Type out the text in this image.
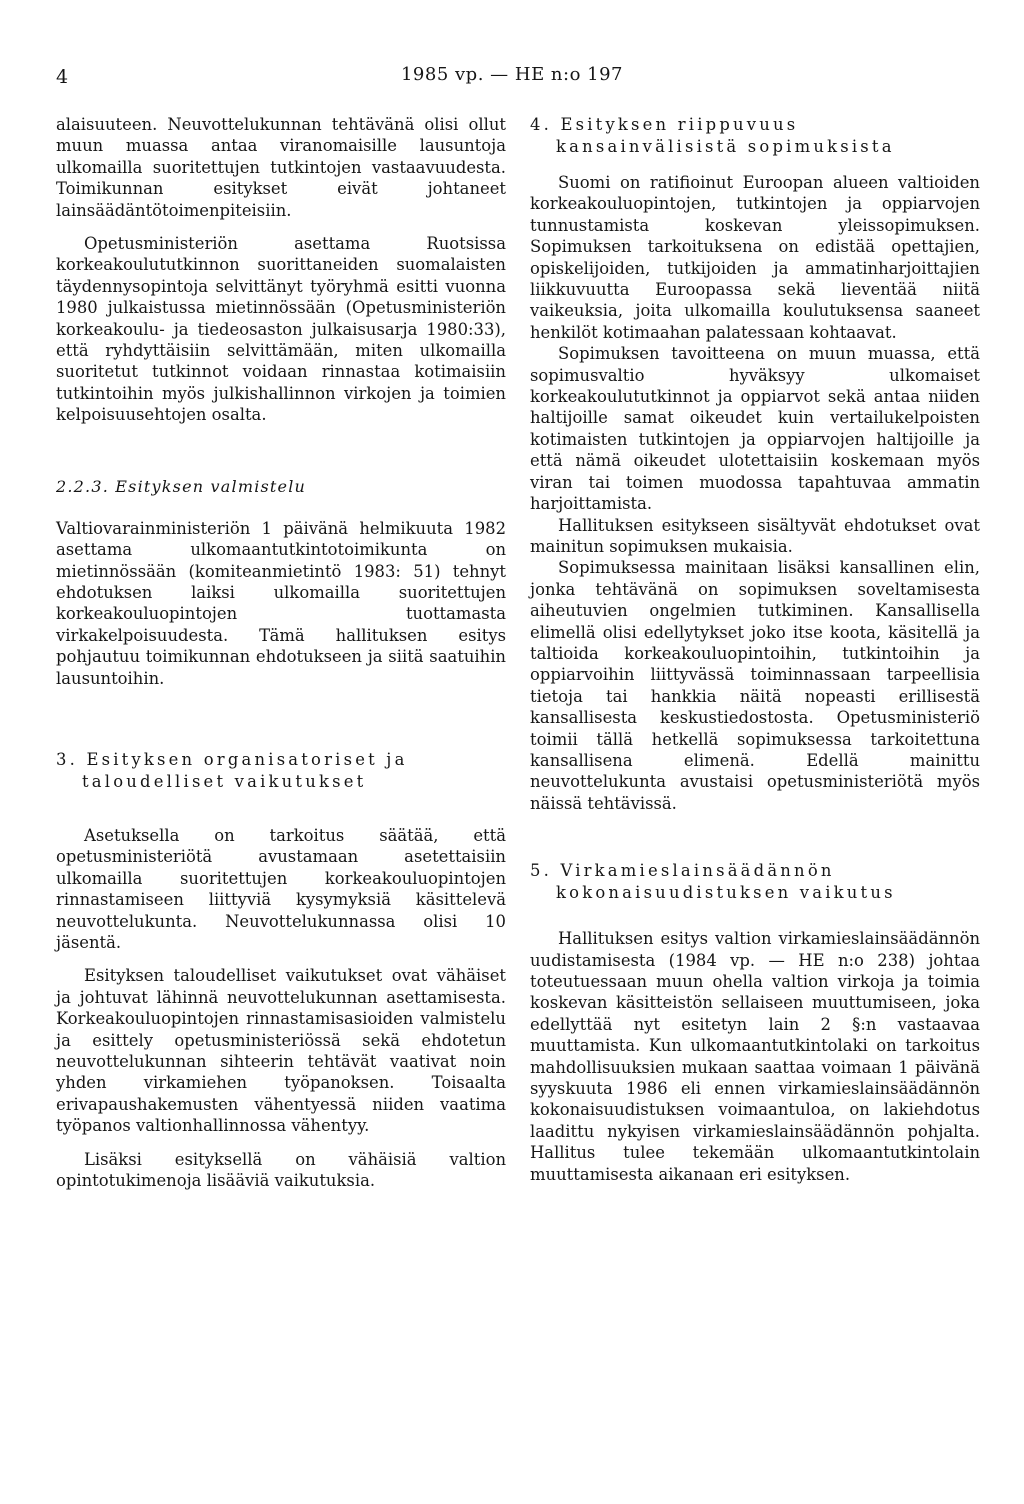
4	1985 vp. — HE n:o 197

alaisuuteen. Neuvottelukunnan tehtävänä olisi ollut muun muassa antaa viranomaisille lausuntoja ulkomailla suoritettujen tutkintojen vastaavuudesta. Toimikunnan esitykset eivät johtaneet lainsäädäntötoimenpiteisiin.

Opetusministeriön asettama Ruotsissa korkeakoulututkinnon suorittaneiden suomalaisten täydennysopintoja selvittänyt työryhmä esitti vuonna 1980 julkaistussa mietinnössään (Opetusministeriön korkeakoulu- ja tiedeosaston julkaisusarja 1980:33), että ryhdyttäisiin selvittämään, miten ulkomailla suoritetut tutkinnot voidaan rinnastaa kotimaisiin tutkintoihin myös julkishallinnon virkojen ja toimien kelpoisuusehtojen osalta.

2.2.3. Esityksen valmistelu

Valtiovarainministeriön 1 päivänä helmikuuta 1982 asettama ulkomaantutkintotoimikunta on mietinnössään (komiteanmietintö 1983: 51) tehnyt ehdotuksen laiksi ulkomailla suoritettujen korkeakouluopintojen tuottamasta virkakelpoisuudesta. Tämä hallituksen esitys pohjautuu toimikunnan ehdotukseen ja siitä saatuihin lausuntoihin.

3. Esityksen organisatoriset ja taloudelliset vaikutukset

Asetuksella on tarkoitus säätää, että opetusministeriötä avustamaan asetettaisiin ulkomailla suoritettujen korkeakouluopintojen rinnastamiseen liittyviä kysymyksiä käsittelevä neuvottelukunta. Neuvottelukunnassa olisi 10 jäsentä.

Esityksen taloudelliset vaikutukset ovat vähäiset ja johtuvat lähinnä neuvottelukunnan asettamisesta. Korkeakouluopintojen rinnastamisasioiden valmistelu ja esittely opetusministeriössä sekä ehdotetun neuvottelukunnan sihteerin tehtävät vaativat noin yhden virkamiehen työpanoksen. Toisaalta erivapaushakemusten vähentyessä niiden vaatima työpanos valtionhallinnossa vähentyy.

Lisäksi esityksellä on vähäisiä valtion opintotukimenoja lisääviä vaikutuksia.

4. Esityksen riippuvuus kansainvälisistä sopimuksista

Suomi on ratifioinut Euroopan alueen valtioiden korkeakouluopintojen, tutkintojen ja oppiarvojen tunnustamista koskevan yleissopimuksen. Sopimuksen tarkoituksena on edistää opettajien, opiskelijoiden, tutkijoiden ja ammatinharjoittajien liikkuvuutta Euroopassa sekä lieventää niitä vaikeuksia, joita ulkomailla koulutuksensa saaneet henkilöt kotimaahan palatessaan kohtaavat.

Sopimuksen tavoitteena on muun muassa, että sopimusvaltio hyväksyy ulkomaiset korkeakoulututkinnot ja oppiarvot sekä antaa niiden haltijoille samat oikeudet kuin vertailukelpoisten kotimaisten tutkintojen ja oppiarvojen haltijoille ja että nämä oikeudet ulotettaisiin koskemaan myös viran tai toimen muodossa tapahtuvaa ammatin harjoittamista.

Hallituksen esitykseen sisältyvät ehdotukset ovat mainitun sopimuksen mukaisia.

Sopimuksessa mainitaan lisäksi kansallinen elin, jonka tehtävänä on sopimuksen soveltamisesta aiheutuvien ongelmien tutkiminen. Kansallisella elimellä olisi edellytykset joko itse koota, käsitellä ja taltioida korkeakouluopintoihin, tutkintoihin ja oppiarvoihin liittyvässä toiminnassaan tarpeellisia tietoja tai hankkia näitä nopeasti erillisestä kansallisesta keskustiedostosta. Opetusministeriö toimii tällä hetkellä sopimuksessa tarkoitettuna kansallisena elimenä. Edellä mainittu neuvottelukunta avustaisi opetusministeriötä myös näissä tehtävissä.

5. Virkamieslainsäädännön kokonaisuudistuksen vaikutus

Hallituksen esitys valtion virkamieslainsäädännön uudistamisesta (1984 vp. — HE n:o 238) johtaa toteutuessaan muun ohella valtion virkoja ja toimia koskevan käsitteistön sellaiseen muuttumiseen, joka edellyttää nyt esitetyn lain 2 §:n vastaavaa muuttamista. Kun ulkomaantutkintolaki on tarkoitus mahdollisuuksien mukaan saattaa voimaan 1 päivänä syyskuuta 1986 eli ennen virkamieslainsäädännön kokonaisuudistuksen voimaantuloa, on lakiehdotus laadittu nykyisen virkamieslainsäädännön pohjalta. Hallitus tulee tekemään ulkomaantutkintolain muuttamisesta aikanaan eri esityksen.
